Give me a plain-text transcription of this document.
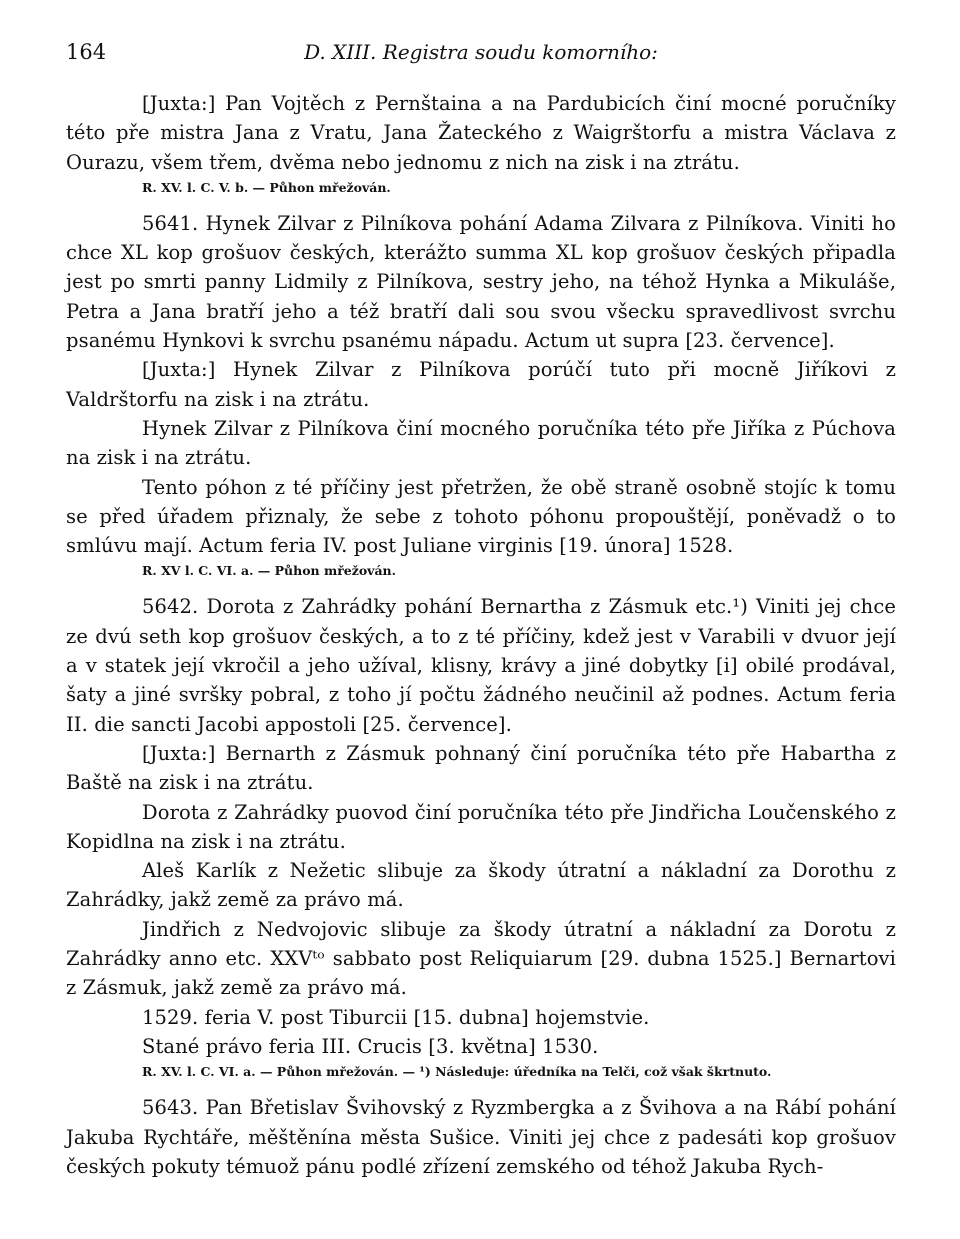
164	D. XIII. Registra soudu komorního:

[Juxta:] Pan Vojtěch z Pernštaina a na Pardubicích činí mocné poručníky této pře mistra Jana z Vratu, Jana Žateckého z Waigrštorfu a mistra Václava z Ourazu, všem třem, dvěma nebo jednomu z nich na zisk i na ztrátu.

R. XV. l. C. V. b. — Půhon mřežován.

5641. Hynek Zilvar z Pilníkova pohání Adama Zilvara z Pilníkova. Viniti ho chce XL kop grošuov českých, kterážto summa XL kop grošuov českých připadla jest po smrti panny Lidmily z Pilníkova, sestry jeho, na téhož Hynka a Mikuláše, Petra a Jana bratří jeho a též bratří dali sou svou všecku spravedlivost svrchu psanému Hynkovi k svrchu psanému nápadu. Actum ut supra [23. července].

[Juxta:] Hynek Zilvar z Pilníkova porúčí tuto při mocně Jiříkovi z Valdrštorfu na zisk i na ztrátu.

Hynek Zilvar z Pilníkova činí mocného poručníka této pře Jiříka z Púchova na zisk i na ztrátu.

Tento póhon z té příčiny jest přetržen, že obě straně osobně stojíc k tomu se před úřadem přiznaly, že sebe z tohoto póhonu propouštějí, poněvadž o to smlúvu mají. Actum feria IV. post Juliane virginis [19. února] 1528.

R. XV l. C. VI. a. — Půhon mřežován.

5642. Dorota z Zahrádky pohání Bernartha z Zásmuk etc.¹) Viniti jej chce ze dvú seth kop grošuov českých, a to z té příčiny, kdež jest v Varabili v dvuor její a v statek její vkročil a jeho užíval, klisny, krávy a jiné dobytky [i] obilé prodával, šaty a jiné svršky pobral, z toho jí počtu žádného neučinil až podnes. Actum feria II. die sancti Jacobi appostoli [25. července].

[Juxta:] Bernarth z Zásmuk pohnaný činí poručníka této pře Habartha z Baště na zisk i na ztrátu.

Dorota z Zahrádky puovod činí poručníka této pře Jindřicha Loučenského z Kopidlna na zisk i na ztrátu.

Aleš Karlík z Nežetic slibuje za škody útratní a nákladní za Dorothu z Zahrádky, jakž země za právo má.

Jindřich z Nedvojovic slibuje za škody útratní a nákladní za Dorotu z Zahrádky anno etc. XXVᵗᵒ sabbato post Reliquiarum [29. dubna 1525.] Bernartovi z Zásmuk, jakž země za právo má.

1529. feria V. post Tiburcii [15. dubna] hojemstvie.

Stané právo feria III. Crucis [3. května] 1530.

R. XV. l. C. VI. a. — Půhon mřežován. — ¹) Následuje: úředníka na Telči, což však škrtnuto.

5643. Pan Břetislav Švihovský z Ryzmbergka a z Švihova a na Rábí pohání Jakuba Rychtáře, měštěnína města Sušice. Viniti jej chce z padesáti kop grošuov českých pokuty témuož pánu podlé zřízení zemského od téhož Jakuba Rych-
